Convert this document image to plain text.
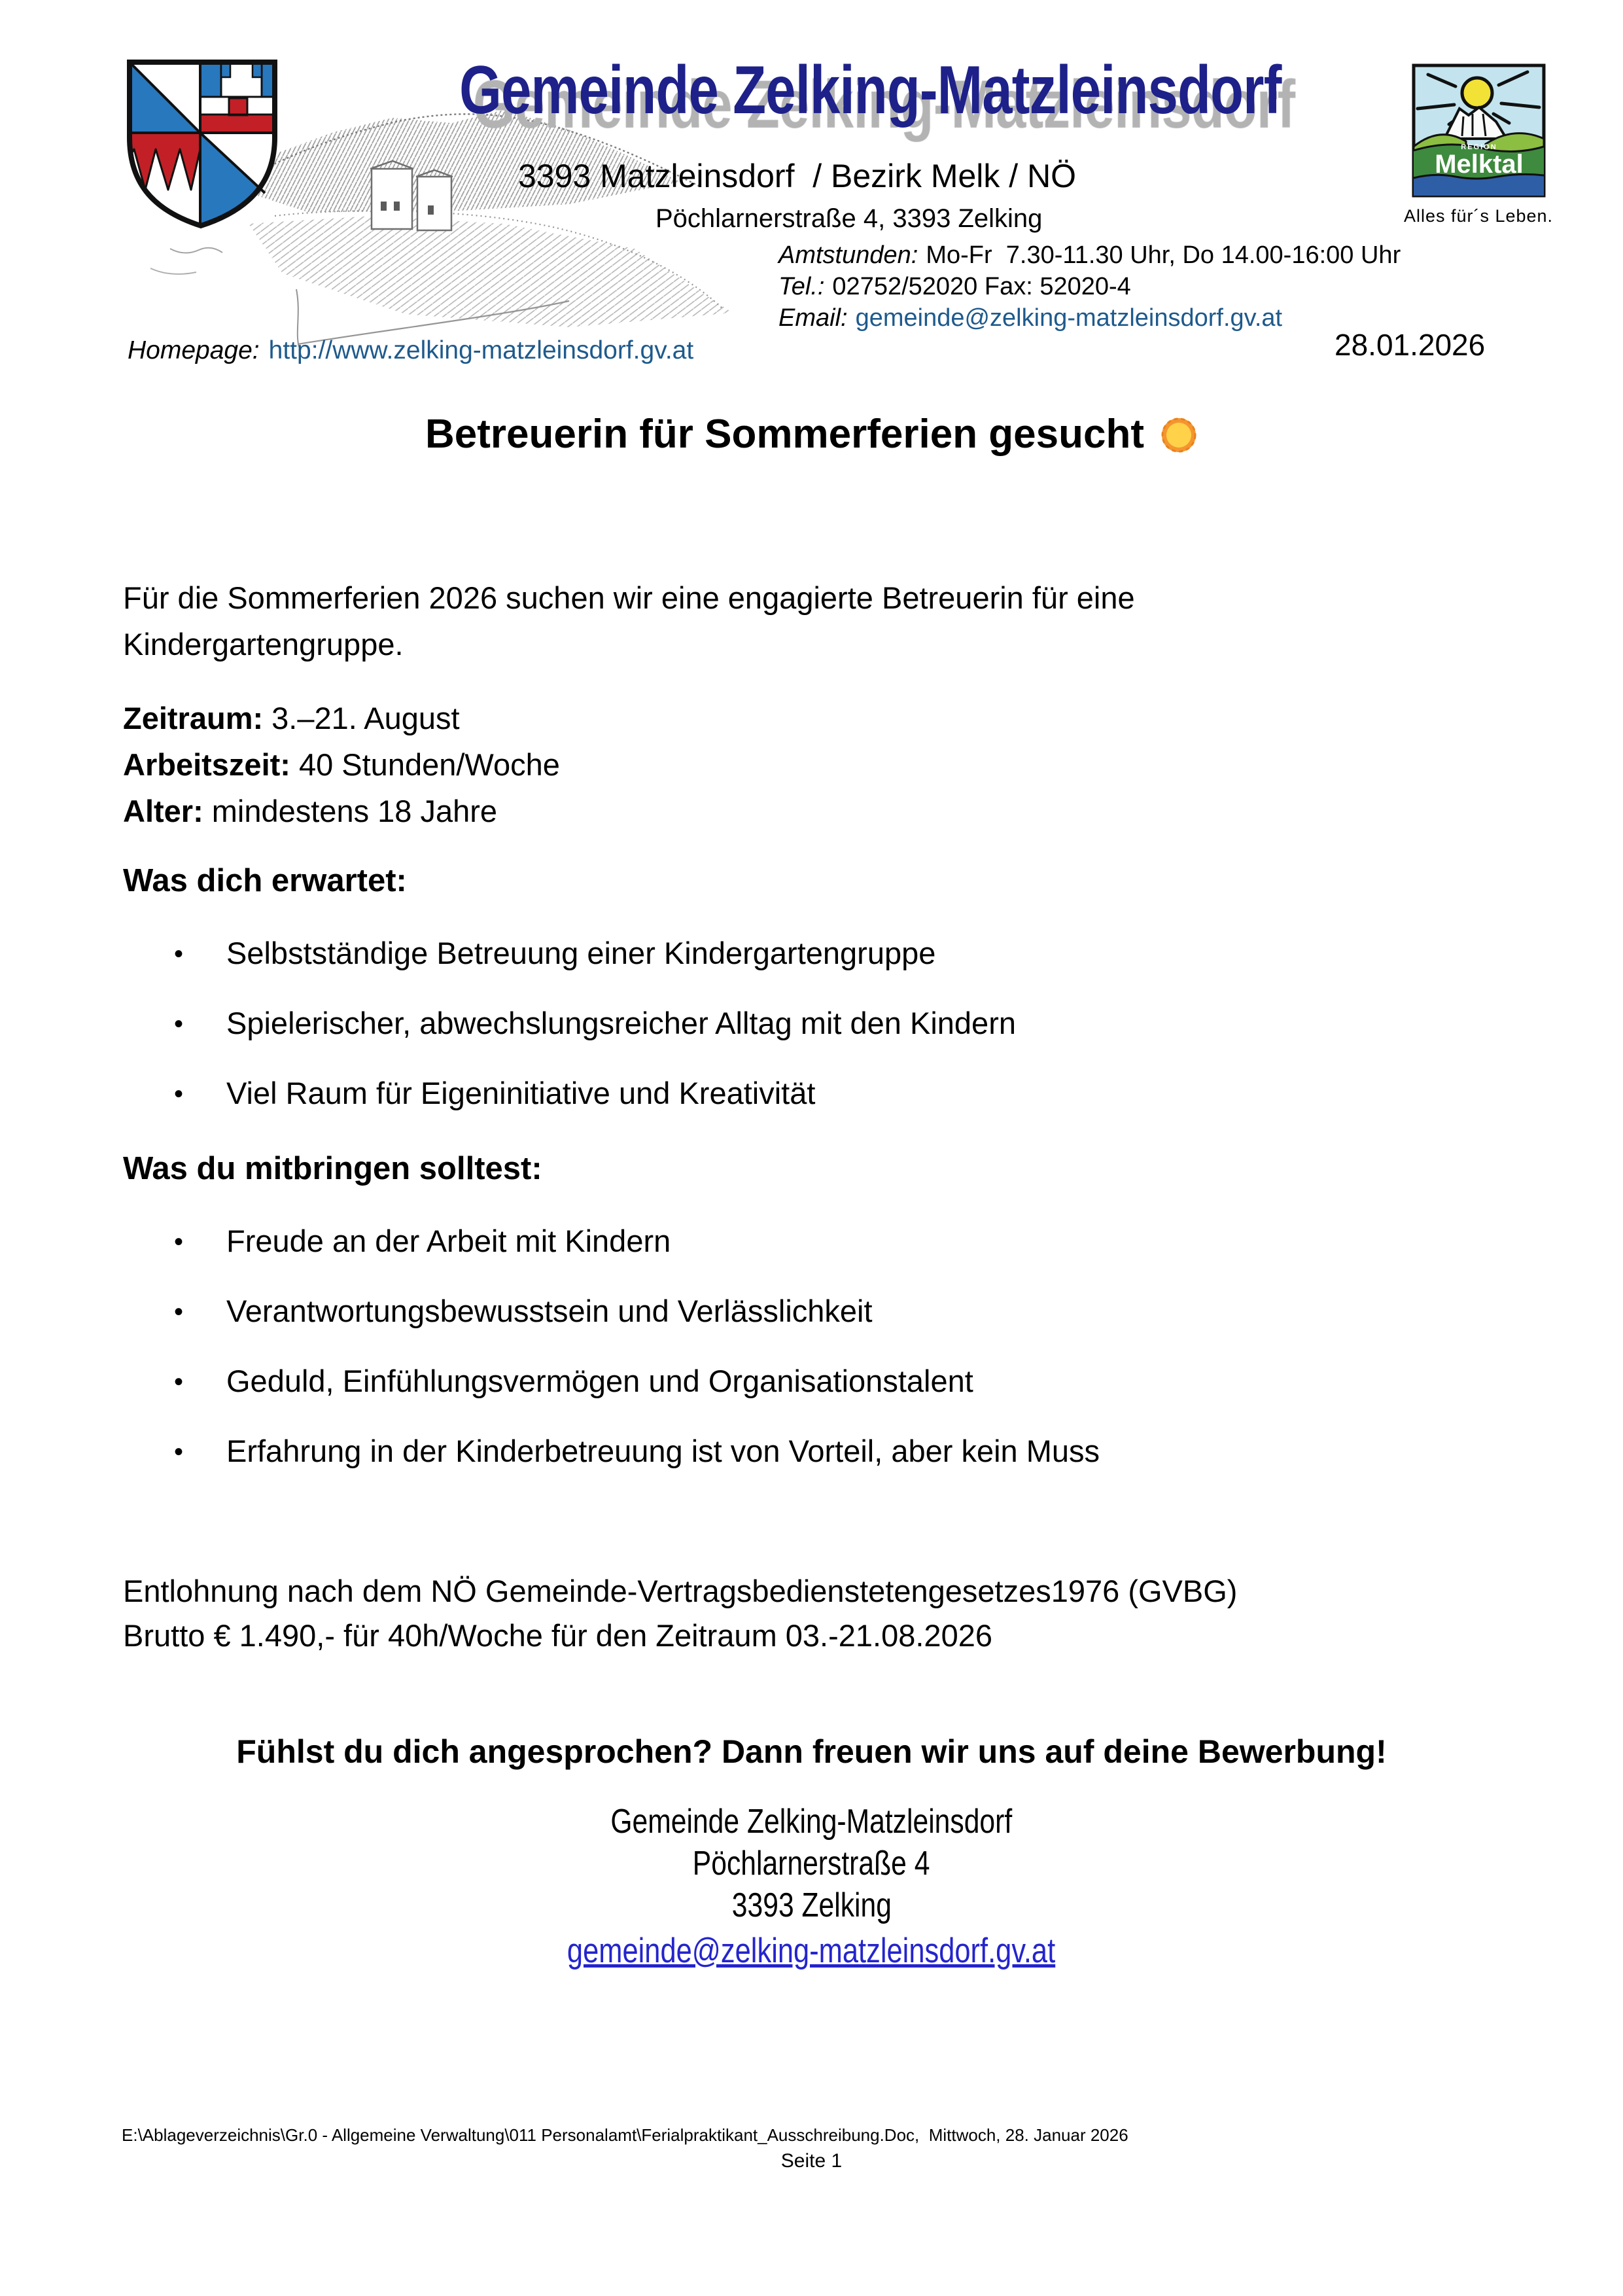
Gemeinde Zelking-Matzleinsdorf
3393 Matzleinsdorf  / Bezirk Melk / NÖ
Pöchlarnerstraße 4, 3393 Zelking
Amtstunden: Mo-Fr  7.30-11.30 Uhr, Do 14.00-16:00 Uhr
Tel.: 02752/52020 Fax: 52020-4
Email: gemeinde@zelking-matzleinsdorf.gv.at
Homepage: http://www.zelking-matzleinsdorf.gv.at	28.01.2026
REGION
Melktal
Alles für´s Leben.
Betreuerin für Sommerferien gesucht
Für die Sommerferien 2026 suchen wir eine engagierte Betreuerin für eine
Kindergartengruppe.
Zeitraum: 3.–21. August
Arbeitszeit: 40 Stunden/Woche
Alter: mindestens 18 Jahre
Was dich erwartet:
•	Selbstständige Betreuung einer Kindergartengruppe
•	Spielerischer, abwechslungsreicher Alltag mit den Kindern
•	Viel Raum für Eigeninitiative und Kreativität
Was du mitbringen solltest:
•	Freude an der Arbeit mit Kindern
•	Verantwortungsbewusstsein und Verlässlichkeit
•	Geduld, Einfühlungsvermögen und Organisationstalent
•	Erfahrung in der Kinderbetreuung ist von Vorteil, aber kein Muss
Entlohnung nach dem NÖ Gemeinde-Vertragsbedienstetengesetzes1976 (GVBG)
Brutto € 1.490,- für 40h/Woche für den Zeitraum 03.-21.08.2026
Fühlst du dich angesprochen? Dann freuen wir uns auf deine Bewerbung!
Gemeinde Zelking-Matzleinsdorf
Pöchlarnerstraße 4
3393 Zelking
gemeinde@zelking-matzleinsdorf.gv.at
E:\Ablageverzeichnis\Gr.0 - Allgemeine Verwaltung\011 Personalamt\Ferialpraktikant_Ausschreibung.Doc,  Mittwoch, 28. Januar 2026
Seite 1
